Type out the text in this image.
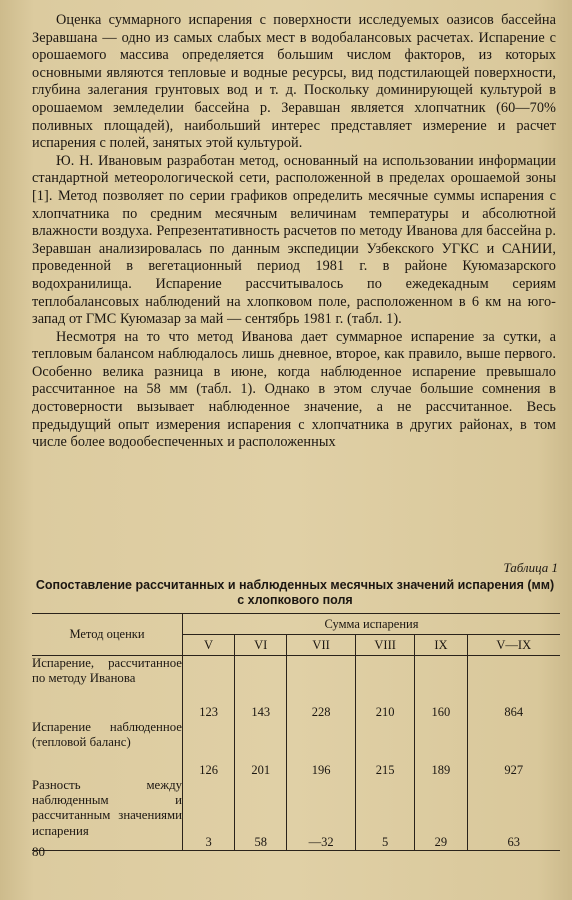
Оценка суммарного испарения с поверхности исследуемых оазисов бассейна Зеравшана — одно из самых слабых мест в водобалансовых расчетах. Испарение с орошаемого массива определяется большим числом факторов, из которых основными являются тепловые и водные ресурсы, вид подстилающей поверхности, глубина залегания грунтовых вод и т. д. Поскольку доминирующей культурой в орошаемом земледелии бассейна р. Зеравшан является хлопчатник (60—70% поливных площадей), наибольший интерес представляет измерение и расчет испарения с полей, занятых этой культурой.

Ю. Н. Ивановым разработан метод, основанный на использовании информации стандартной метеорологической сети, расположенной в пределах орошаемой зоны [1]. Метод позволяет по серии графиков определить месячные суммы испарения с хлопчатника по средним месячным величинам температуры и абсолютной влажности воздуха. Репрезентативность расчетов по методу Иванова для бассейна р. Зеравшан анализировалась по данным экспедиции Узбекского УГКС и САНИИ, проведенной в вегетационный период 1981 г. в районе Куюмазарского водохранилища. Испарение рассчитывалось по ежедекадным сериям теплобалансовых наблюдений на хлопковом поле, расположенном в 6 км на юго-запад от ГМС Куюмазар за май — сентябрь 1981 г. (табл. 1).

Несмотря на то что метод Иванова дает суммарное испарение за сутки, а тепловым балансом наблюдалось лишь дневное, второе, как правило, выше первого. Особенно велика разница в июне, когда наблюденное испарение превышало рассчитанное на 58 мм (табл. 1). Однако в этом случае большие сомнения в достоверности вызывает наблюденное значение, а не рассчитанное. Весь предыдущий опыт измерения испарения с хлопчатника в других районах, в том числе более водообеспеченных и расположенных

Таблица 1
Сопоставление рассчитанных и наблюденных месячных значений испарения (мм)
с хлопкового поля
Метод оценки	Сумма испарения					
	V	VI	VII	VIII	IX	V—IX
Испарение, рассчитанное по методу Иванова	123	143	228	210	160	864
Испарение наблюденное (тепловой баланс)	126	201	196	215	189	927
Разность между наблюденным и рассчитанным значениями испарения	3	58	—32	5	29	63
80
